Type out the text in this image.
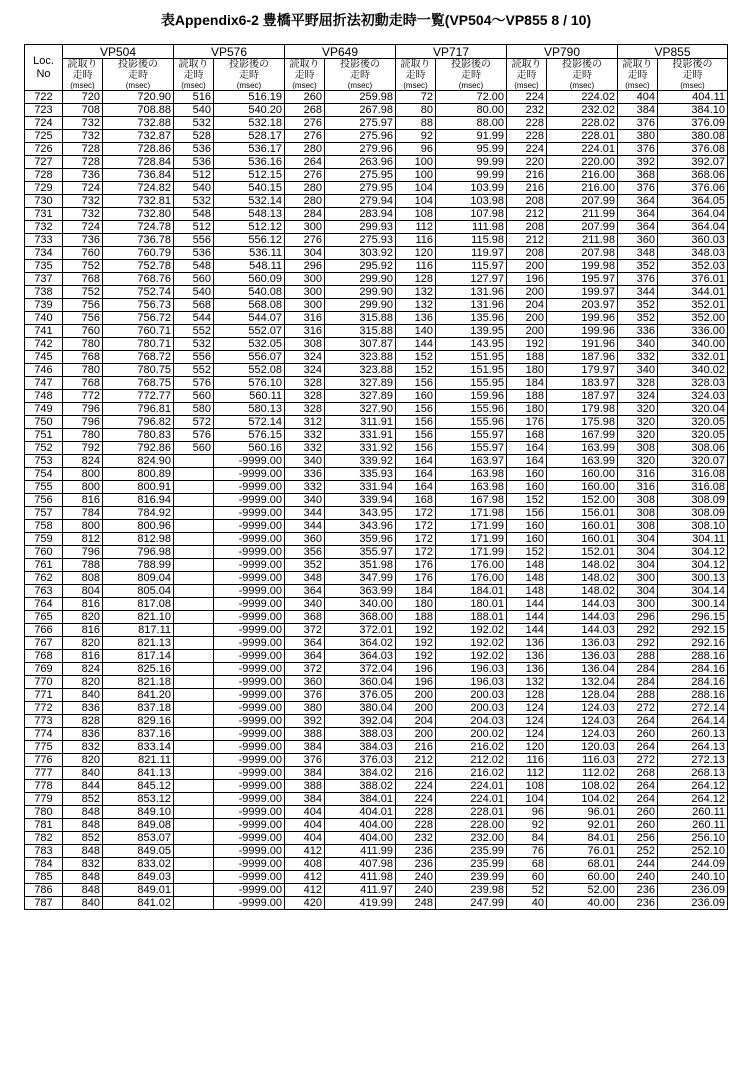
表Appendix6-2 豊橋平野屈折法初動走時一覧(VP504〜VP855 8 / 10)
Loc.
No	VP504		VP576		VP649		VP717		VP790		VP855	
	読取り	投影後の	読取り	投影後の	読取り	投影後の	読取り	投影後の	読取り	投影後の	読取り	投影後の
	走時	走時	走時	走時	走時	走時	走時	走時	走時	走時	走時	走時
	(msec)	(msec)	(msec)	(msec)	(msec)	(msec)	(msec)	(msec)	(msec)	(msec)	(msec)	(msec)
722	720	720.90	516	516.19	260	259.98	72	72.00	224	224.02	404	404.11
723	708	708.88	540	540.20	268	267.98	80	80.00	232	232.02	384	384.10
724	732	732.88	532	532.18	276	275.97	88	88.00	228	228.02	376	376.09
725	732	732.87	528	528.17	276	275.96	92	91.99	228	228.01	380	380.08
726	728	728.86	536	536.17	280	279.96	96	95.99	224	224.01	376	376.08
727	728	728.84	536	536.16	264	263.96	100	99.99	220	220.00	392	392.07
728	736	736.84	512	512.15	276	275.95	100	99.99	216	216.00	368	368.06
729	724	724.82	540	540.15	280	279.95	104	103.99	216	216.00	376	376.06
730	732	732.81	532	532.14	280	279.94	104	103.98	208	207.99	364	364.05
731	732	732.80	548	548.13	284	283.94	108	107.98	212	211.99	364	364.04
732	724	724.78	512	512.12	300	299.93	112	111.98	208	207.99	364	364.04
733	736	736.78	556	556.12	276	275.93	116	115.98	212	211.98	360	360.03
734	760	760.79	536	536.11	304	303.92	120	119.97	208	207.98	348	348.03
735	752	752.78	548	548.11	296	295.92	116	115.97	200	199.98	352	352.03
737	768	768.76	560	560.09	300	299.90	128	127.97	196	195.97	376	376.01
738	752	752.74	540	540.08	300	299.90	132	131.96	200	199.97	344	344.01
739	756	756.73	568	568.08	300	299.90	132	131.96	204	203.97	352	352.01
740	756	756.72	544	544.07	316	315.88	136	135.96	200	199.96	352	352.00
741	760	760.71	552	552.07	316	315.88	140	139.95	200	199.96	336	336.00
742	780	780.71	532	532.05	308	307.87	144	143.95	192	191.96	340	340.00
745	768	768.72	556	556.07	324	323.88	152	151.95	188	187.96	332	332.01
746	780	780.75	552	552.08	324	323.88	152	151.95	180	179.97	340	340.02
747	768	768.75	576	576.10	328	327.89	156	155.95	184	183.97	328	328.03
748	772	772.77	560	560.11	328	327.89	160	159.96	188	187.97	324	324.03
749	796	796.81	580	580.13	328	327.90	156	155.96	180	179.98	320	320.04
750	796	796.82	572	572.14	312	311.91	156	155.96	176	175.98	320	320.05
751	780	780.83	576	576.15	332	331.91	156	155.97	168	167.99	320	320.05
752	792	792.86	560	560.16	332	331.92	156	155.97	164	163.99	308	308.06
753	824	824.90		-9999.00	340	339.92	164	163.97	164	163.99	320	320.07
754	800	800.89		-9999.00	336	335.93	164	163.98	160	160.00	316	316.08
755	800	800.91		-9999.00	332	331.94	164	163.98	160	160.00	316	316.08
756	816	816.94		-9999.00	340	339.94	168	167.98	152	152.00	308	308.09
757	784	784.92		-9999.00	344	343.95	172	171.98	156	156.01	308	308.09
758	800	800.96		-9999.00	344	343.96	172	171.99	160	160.01	308	308.10
759	812	812.98		-9999.00	360	359.96	172	171.99	160	160.01	304	304.11
760	796	796.98		-9999.00	356	355.97	172	171.99	152	152.01	304	304.12
761	788	788.99		-9999.00	352	351.98	176	176.00	148	148.02	304	304.12
762	808	809.04		-9999.00	348	347.99	176	176.00	148	148.02	300	300.13
763	804	805.04		-9999.00	364	363.99	184	184.01	148	148.02	304	304.14
764	816	817.08		-9999.00	340	340.00	180	180.01	144	144.03	300	300.14
765	820	821.10		-9999.00	368	368.00	188	188.01	144	144.03	296	296.15
766	816	817.11		-9999.00	372	372.01	192	192.02	144	144.03	292	292.15
767	820	821.13		-9999.00	364	364.02	192	192.02	136	136.03	292	292.16
768	816	817.14		-9999.00	364	364.03	192	192.02	136	136.03	288	288.16
769	824	825.16		-9999.00	372	372.04	196	196.03	136	136.04	284	284.16
770	820	821.18		-9999.00	360	360.04	196	196.03	132	132.04	284	284.16
771	840	841.20		-9999.00	376	376.05	200	200.03	128	128.04	288	288.16
772	836	837.18		-9999.00	380	380.04	200	200.03	124	124.03	272	272.14
773	828	829.16		-9999.00	392	392.04	204	204.03	124	124.03	264	264.14
774	836	837.16		-9999.00	388	388.03	200	200.02	124	124.03	260	260.13
775	832	833.14		-9999.00	384	384.03	216	216.02	120	120.03	264	264.13
776	820	821.11		-9999.00	376	376.03	212	212.02	116	116.03	272	272.13
777	840	841.13		-9999.00	384	384.02	216	216.02	112	112.02	268	268.13
778	844	845.12		-9999.00	388	388.02	224	224.01	108	108.02	264	264.12
779	852	853.12		-9999.00	384	384.01	224	224.01	104	104.02	264	264.12
780	848	849.10		-9999.00	404	404.01	228	228.01	96	96.01	260	260.11
781	848	849.08		-9999.00	404	404.00	228	228.00	92	92.01	260	260.11
782	852	853.07		-9999.00	404	404.00	232	232.00	84	84.01	256	256.10
783	848	849.05		-9999.00	412	411.99	236	235.99	76	76.01	252	252.10
784	832	833.02		-9999.00	408	407.98	236	235.99	68	68.01	244	244.09
785	848	849.03		-9999.00	412	411.98	240	239.99	60	60.00	240	240.10
786	848	849.01		-9999.00	412	411.97	240	239.98	52	52.00	236	236.09
787	840	841.02		-9999.00	420	419.99	248	247.99	40	40.00	236	236.09
